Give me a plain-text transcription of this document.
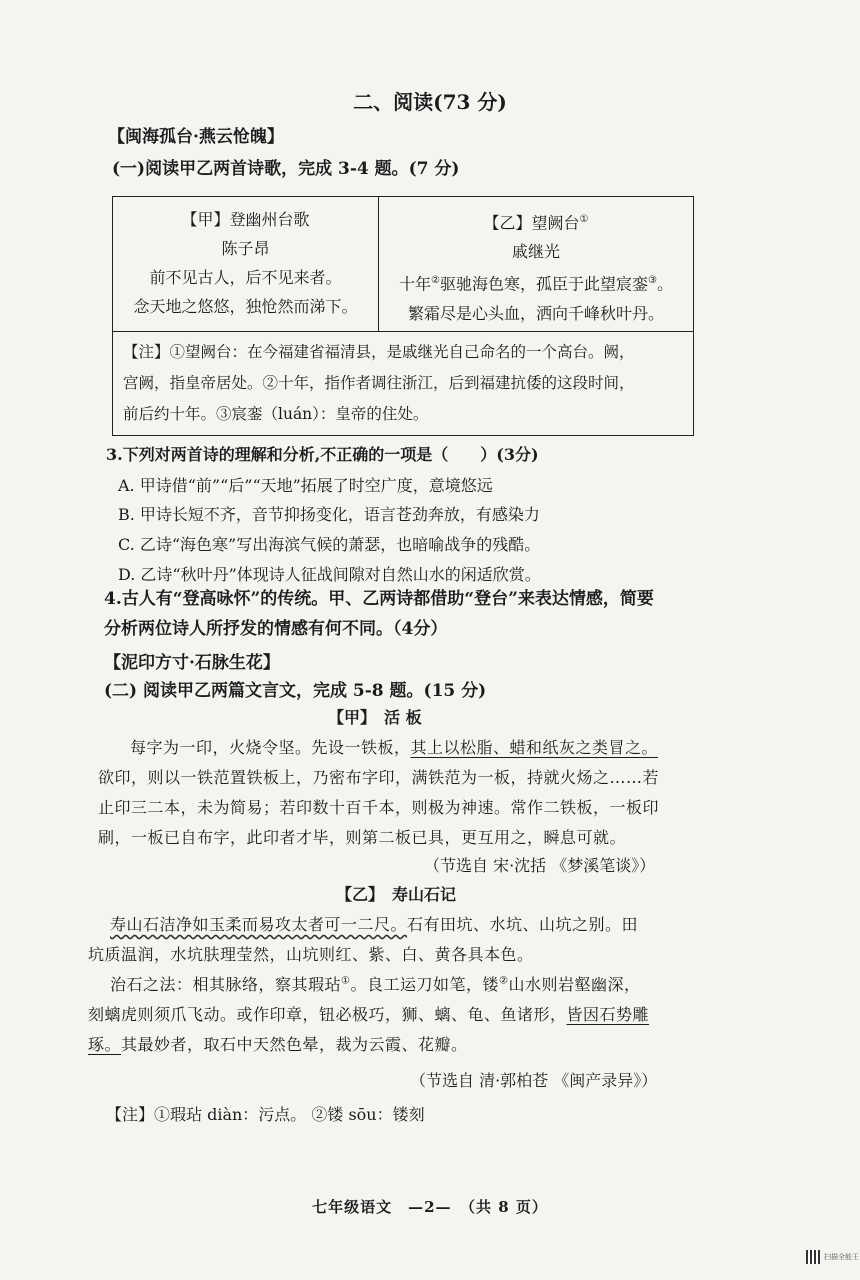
二、阅读(73 分)
【闽海孤台·燕云怆魄】
(一)阅读甲乙两首诗歌，完成 3-4 题。(7 分)
【甲】登幽州台歌
陈子昂
前不见古人，后不见来者。
念天地之悠悠，独怆然而涕下。
【乙】望阙台①
戚继光
十年②驱驰海色寒，孤臣于此望宸銮③。
繁霜尽是心头血，洒向千峰秋叶丹。
【注】①望阙台：在今福建省福清县，是戚继光自己命名的一个高台。阙，
宫阙，指皇帝居处。②十年，指作者调往浙江，后到福建抗倭的这段时间，
前后约十年。③宸銮（luán）：皇帝的住处。
3.下列对两首诗的理解和分析,不正确的一项是（　　）(3分)
A. 甲诗借“前”“后”“天地”拓展了时空广度，意境悠远
B. 甲诗长短不齐，音节抑扬变化，语言苍劲奔放，有感染力
C. 乙诗“海色寒”写出海滨气候的萧瑟，也暗喻战争的残酷。
D. 乙诗“秋叶丹”体现诗人征战间隙对自然山水的闲适欣赏。
4.古人有“登高咏怀”的传统。甲、乙两诗都借助“登台”来表达情感，简要
分析两位诗人所抒发的情感有何不同。（4分）
【泥印方寸·石脉生花】
(二) 阅读甲乙两篇文言文，完成 5-8 题。(15 分)
【甲】　活 板
每字为一印，火烧令坚。先设一铁板，其上以松脂、蜡和纸灰之类冒之。
欲印，则以一铁范置铁板上，乃密布字印，满铁范为一板，持就火炀之……若
止印三二本，未为简易；若印数十百千本，则极为神速。常作二铁板，一板印
刷，一板已自布字，此印者才毕，则第二板已具，更互用之，瞬息可就。
（节选自 宋·沈括 《梦溪笔谈》）
【乙】　寿山石记
寿山石洁净如玉柔而易攻太者可一二尺。石有田坑、水坑、山坑之别。田
坑质温润，水坑肤理莹然，山坑则红、紫、白、黄各具本色。
治石之法：相其脉络，察其瑕玷①。良工运刀如笔，镂②山水则岩壑幽深，
刻螭虎则须爪飞动。或作印章，钮必极巧，狮、螭、龟、鱼诸形，皆因石势雕
琢。其最妙者，取石中天然色晕，裁为云霞、花瓣。
（节选自 清·郭柏苍 《闽产录异》）
【注】①瑕玷 diàn：污点。 ②镂 sōu：镂刻
七年级语文　—2—　（共 8 页）
扫描全能王
